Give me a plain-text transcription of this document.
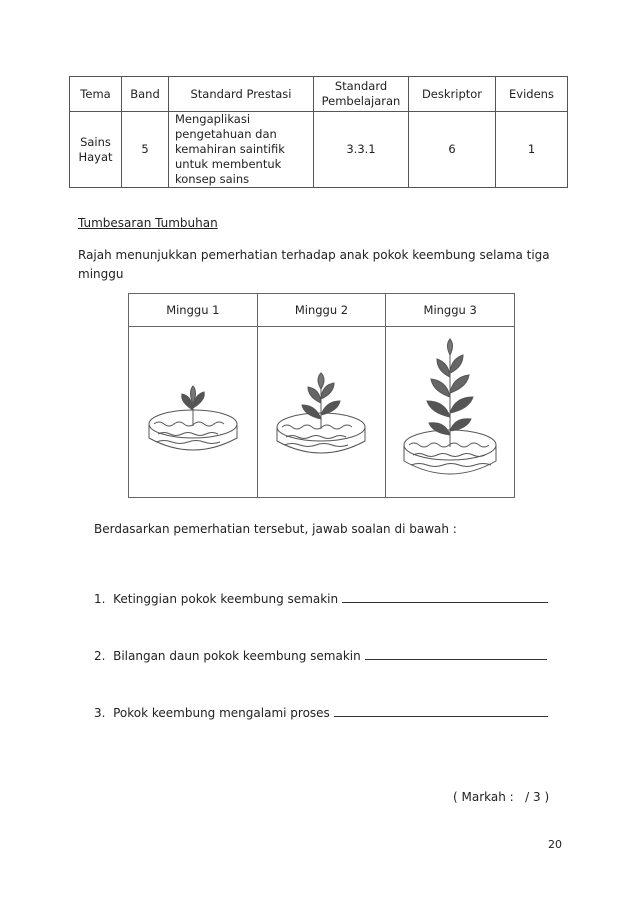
Tema	Band	Standard Prestasi	Standard Pembelajaran	Deskriptor	Evidens
Sains Hayat	5	Mengaplikasi pengetahuan dan kemahiran saintifik untuk membentuk konsep sains	3.3.1	6	1
Tumbesaran Tumbuhan
Rajah menunjukkan pemerhatian terhadap anak pokok keembung selama tiga minggu
Minggu 1	Minggu 2	Minggu 3

Berdasarkan pemerhatian tersebut, jawab soalan di bawah :
1. Ketinggian pokok keembung semakin
2. Bilangan daun pokok keembung semakin
3. Pokok keembung mengalami proses
( Markah :   / 3 )
20
